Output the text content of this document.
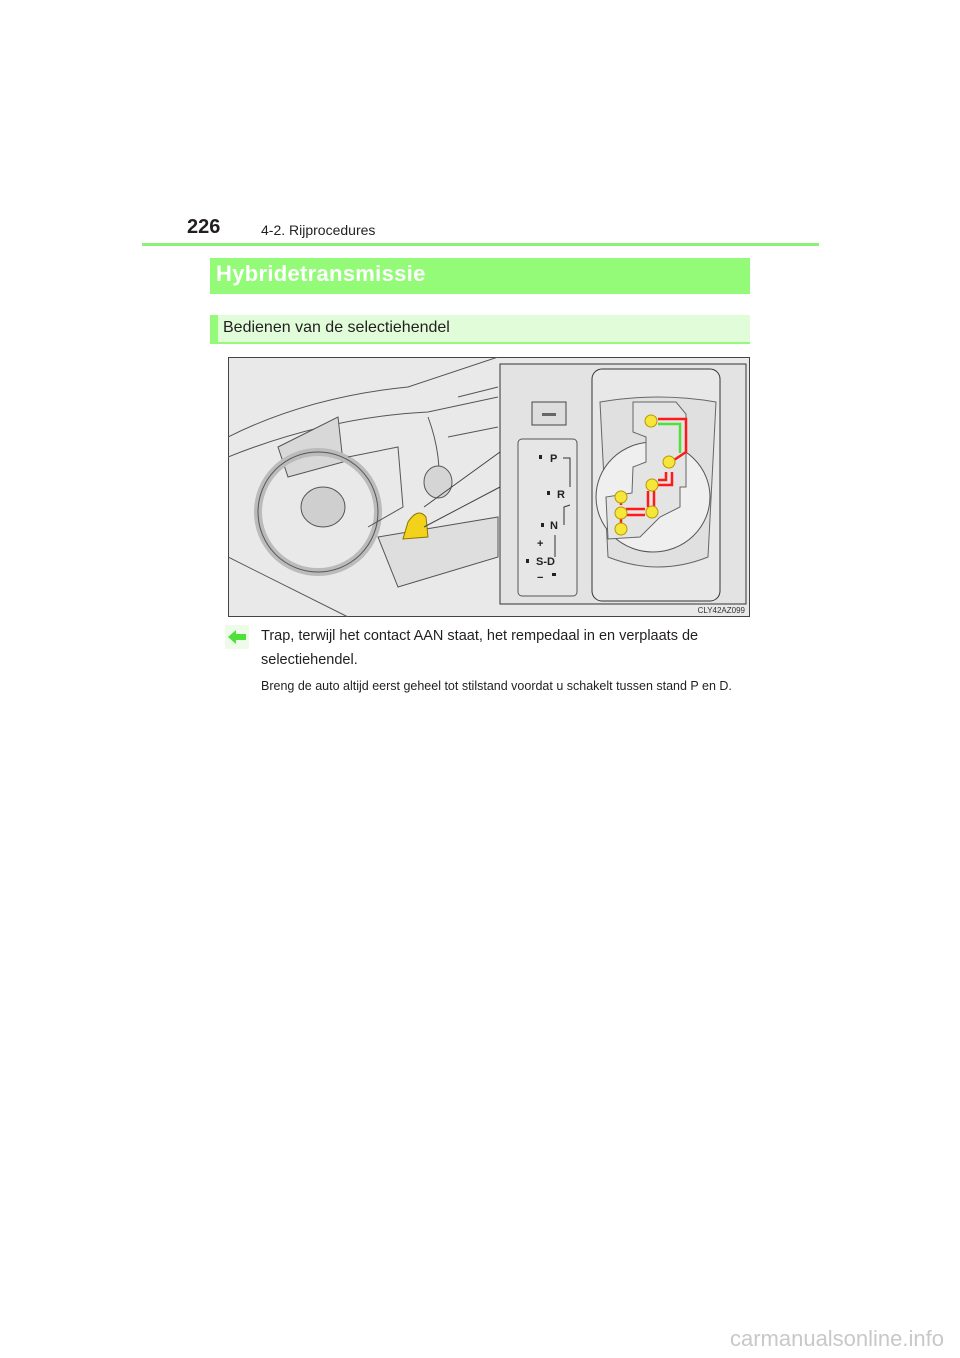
226	4-2. Rijprocedures
Hybridetransmissie
Bedienen van de selectiehendel
P
R
N
S-D
+
−
CLY42AZ099
Trap, terwijl het contact AAN staat, het rempedaal in en verplaats de selectiehendel.
Breng de auto altijd eerst geheel tot stilstand voordat u schakelt tussen stand P en D.
carmanualsonline.info
